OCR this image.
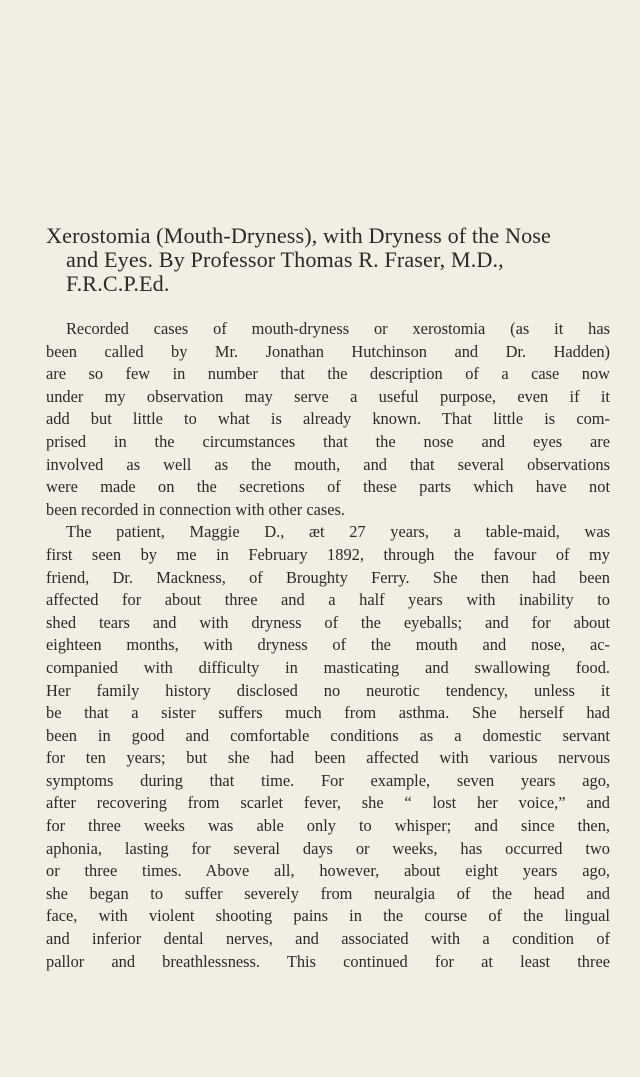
Xerostomia (Mouth-Dryness), with Dryness of the Nose
and Eyes. By Professor Thomas R. Fraser, M.D.,
F.R.C.P.Ed.

Recorded cases of mouth-dryness or xerostomia (as it has
been called by Mr. Jonathan Hutchinson and Dr. Hadden)
are so few in number that the description of a case now
under my observation may serve a useful purpose, even if it
add but little to what is already known. That little is com-
prised in the circumstances that the nose and eyes are
involved as well as the mouth, and that several observations
were made on the secretions of these parts which have not
been recorded in connection with other cases.

The patient, Maggie D., æt 27 years, a table-maid, was
first seen by me in February 1892, through the favour of my
friend, Dr. Mackness, of Broughty Ferry. She then had been
affected for about three and a half years with inability to
shed tears and with dryness of the eyeballs; and for about
eighteen months, with dryness of the mouth and nose, ac-
companied with difficulty in masticating and swallowing food.
Her family history disclosed no neurotic tendency, unless it
be that a sister suffers much from asthma. She herself had
been in good and comfortable conditions as a domestic servant
for ten years; but she had been affected with various nervous
symptoms during that time. For example, seven years ago,
after recovering from scarlet fever, she “ lost her voice,” and
for three weeks was able only to whisper; and since then,
aphonia, lasting for several days or weeks, has occurred two
or three times. Above all, however, about eight years ago,
she began to suffer severely from neuralgia of the head and
face, with violent shooting pains in the course of the lingual
and inferior dental nerves, and associated with a condition of
pallor and breathlessness. This continued for at least three
